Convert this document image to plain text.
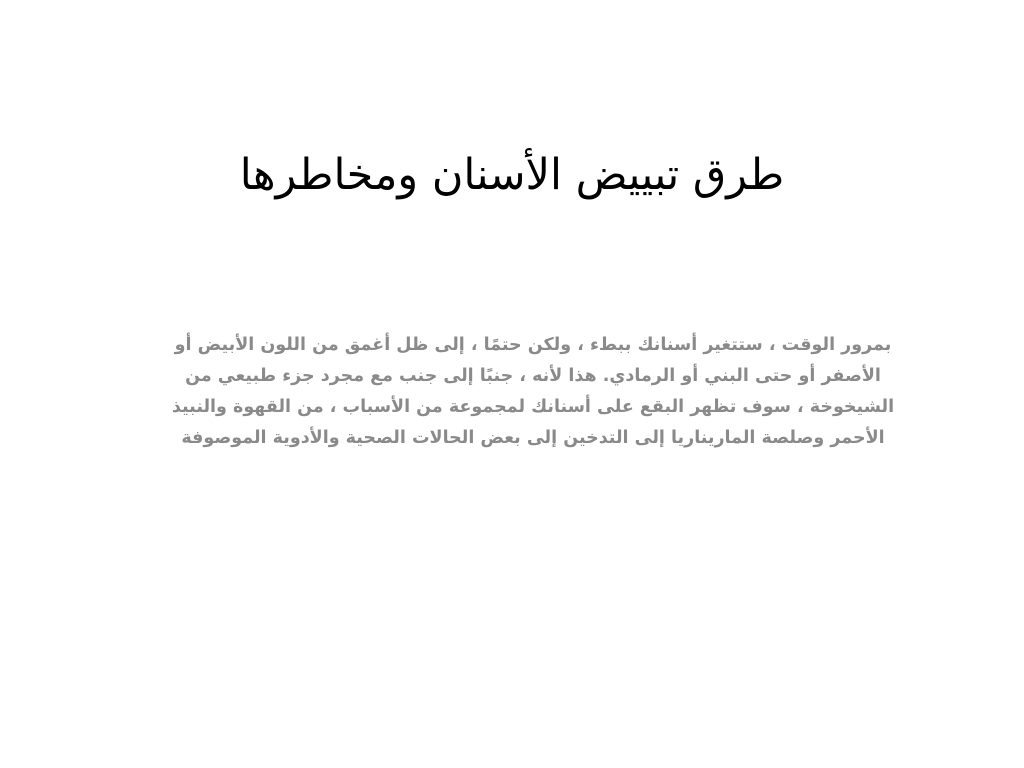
طرق تبييض الأسنان ومخاطرها

بمرور الوقت ، ستتغير أسنانك ببطء ، ولكن حتمًا ، إلى ظل أغمق من اللون الأبيض أو
الأصفر أو حتى البني أو الرمادي. هذا لأنه ، جنبًا إلى جنب مع مجرد جزء طبيعي من
الشيخوخة ، سوف تظهر البقع على أسنانك لمجموعة من الأسباب ، من القهوة والنبيذ
الأحمر وصلصة الماريناريا إلى التدخين إلى بعض الحالات الصحية والأدوية الموصوفة
